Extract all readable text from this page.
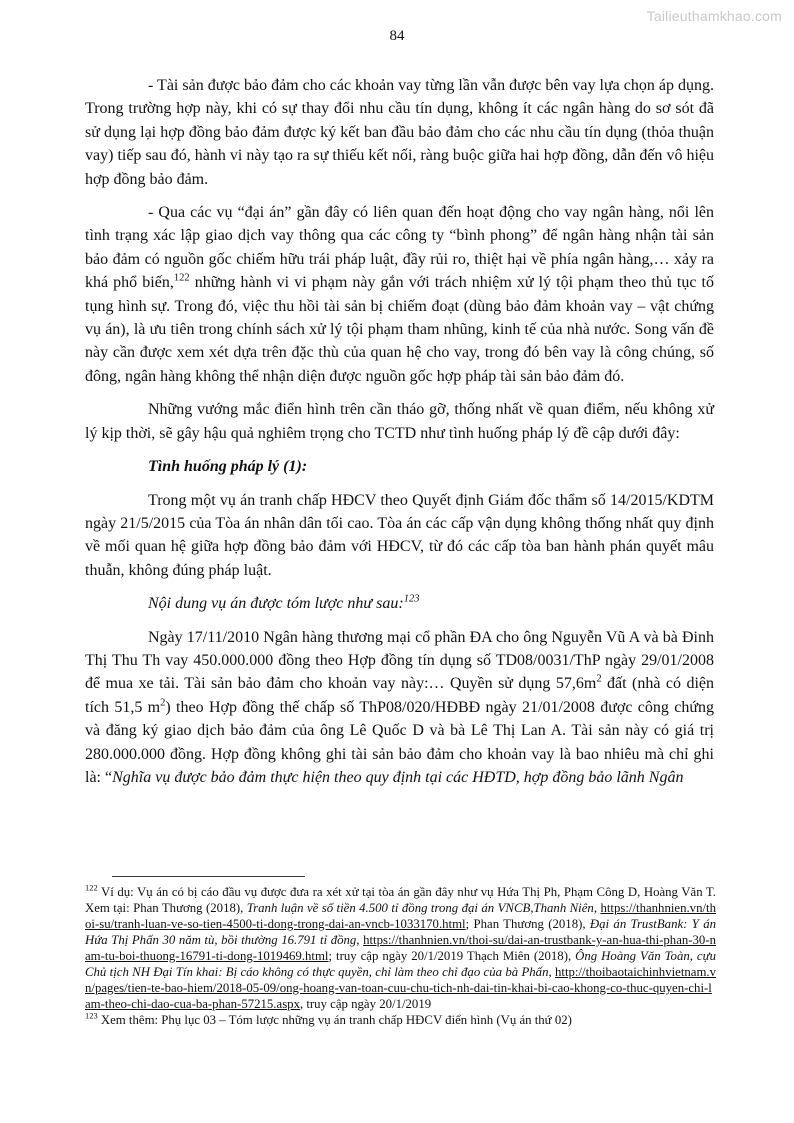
Tailieuthamkhao.com
84

- Tài sản được bảo đảm cho các khoản vay từng lần vẫn được bên vay lựa chọn áp dụng. Trong trường hợp này, khi có sự thay đổi nhu cầu tín dụng, không ít các ngân hàng do sơ sót đã sử dụng lại hợp đồng bảo đảm được ký kết ban đầu bảo đảm cho các nhu cầu tín dụng (thỏa thuận vay) tiếp sau đó, hành vi này tạo ra sự thiếu kết nối, ràng buộc giữa hai hợp đồng, dẫn đến vô hiệu hợp đồng bảo đảm.

- Qua các vụ “đại án” gần đây có liên quan đến hoạt động cho vay ngân hàng, nổi lên tình trạng xác lập giao dịch vay thông qua các công ty “bình phong” để ngân hàng nhận tài sản bảo đảm có nguồn gốc chiếm hữu trái pháp luật, đầy rủi ro, thiệt hại về phía ngân hàng,… xảy ra khá phổ biến,$^{122}$ những hành vi vi phạm này gắn với trách nhiệm xử lý tội phạm theo thủ tục tố tụng hình sự. Trong đó, việc thu hồi tài sản bị chiếm đoạt (dùng bảo đảm khoản vay – vật chứng vụ án), là ưu tiên trong chính sách xử lý tội phạm tham nhũng, kinh tế của nhà nước. Song vấn đề này cần được xem xét dựa trên đặc thù của quan hệ cho vay, trong đó bên vay là công chúng, số đông, ngân hàng không thể nhận diện được nguồn gốc hợp pháp tài sản bảo đảm đó.

Những vướng mắc điển hình trên cần tháo gỡ, thống nhất về quan điểm, nếu không xử lý kịp thời, sẽ gây hậu quả nghiêm trọng cho TCTD như tình huống pháp lý đề cập dưới đây:

Tình huống pháp lý (1):

Trong một vụ án tranh chấp HĐCV theo Quyết định Giám đốc thẩm số 14/2015/KDTM ngày 21/5/2015 của Tòa án nhân dân tối cao. Tòa án các cấp vận dụng không thống nhất quy định về mối quan hệ giữa hợp đồng bảo đảm với HĐCV, từ đó các cấp tòa ban hành phán quyết mâu thuẫn, không đúng pháp luật.

Nội dung vụ án được tóm lược như sau:$^{123}$

Ngày 17/11/2010 Ngân hàng thương mại cổ phần ĐA cho ông Nguyễn Vũ A và bà Đinh Thị Thu Th vay 450.000.000 đồng theo Hợp đồng tín dụng số TD08/0031/ThP ngày 29/01/2008 để mua xe tải. Tài sản bảo đảm cho khoản vay này:… Quyền sử dụng $57,6m^2$ đất (nhà có diện tích 51,5 $m^2$) theo Hợp đồng thế chấp số ThP08/020/HĐBĐ ngày 21/01/2008 được công chứng và đăng ký giao dịch bảo đảm của ông Lê Quốc D và bà Lê Thị Lan A. Tài sản này có giá trị 280.000.000 đồng. Hợp đồng không ghi tài sản bảo đảm cho khoản vay là bao nhiêu mà chỉ ghi là: “Nghĩa vụ được bảo đảm thực hiện theo quy định tại các HĐTD, hợp đồng bảo lãnh Ngân

$^{122}$ Ví dụ: Vụ án có bị cáo đầu vụ được đưa ra xét xử tại tòa án gần đây như vụ Hứa Thị Ph, Phạm Công D, Hoàng Văn T. Xem tại: Phan Thương (2018), Tranh luận về số tiền 4.500 tỉ đồng trong đại án VNCB,Thanh Niên, https://thanhnien.vn/thoi-su/tranh-luan-ve-so-tien-4500-ti-dong-trong-dai-an-vncb-1033170.html; Phan Thương (2018), Đại án TrustBank: Y án Hứa Thị Phấn 30 năm tù, bồi thường 16.791 tỉ đồng, https://thanhnien.vn/thoi-su/dai-an-trustbank-y-an-hua-thi-phan-30-nam-tu-boi-thuong-16791-ti-dong-1019469.html; truy cập ngày 20/1/2019 Thạch Miên (2018), Ông Hoàng Văn Toàn, cựu Chủ tịch NH Đại Tín khai: Bị cáo không có thực quyền, chỉ làm theo chỉ đạo của bà Phấn, http://thoibaotaichinhvietnam.vn/pages/tien-te-bao-hiem/2018-05-09/ong-hoang-van-toan-cuu-chu-tich-nh-dai-tin-khai-bi-cao-khong-co-thuc-quyen-chi-lam-theo-chi-dao-cua-ba-phan-57215.aspx, truy cập ngày 20/1/2019
$^{123}$ Xem thêm: Phụ lục 03 – Tóm lược những vụ án tranh chấp HĐCV điển hình (Vụ án thứ 02)
